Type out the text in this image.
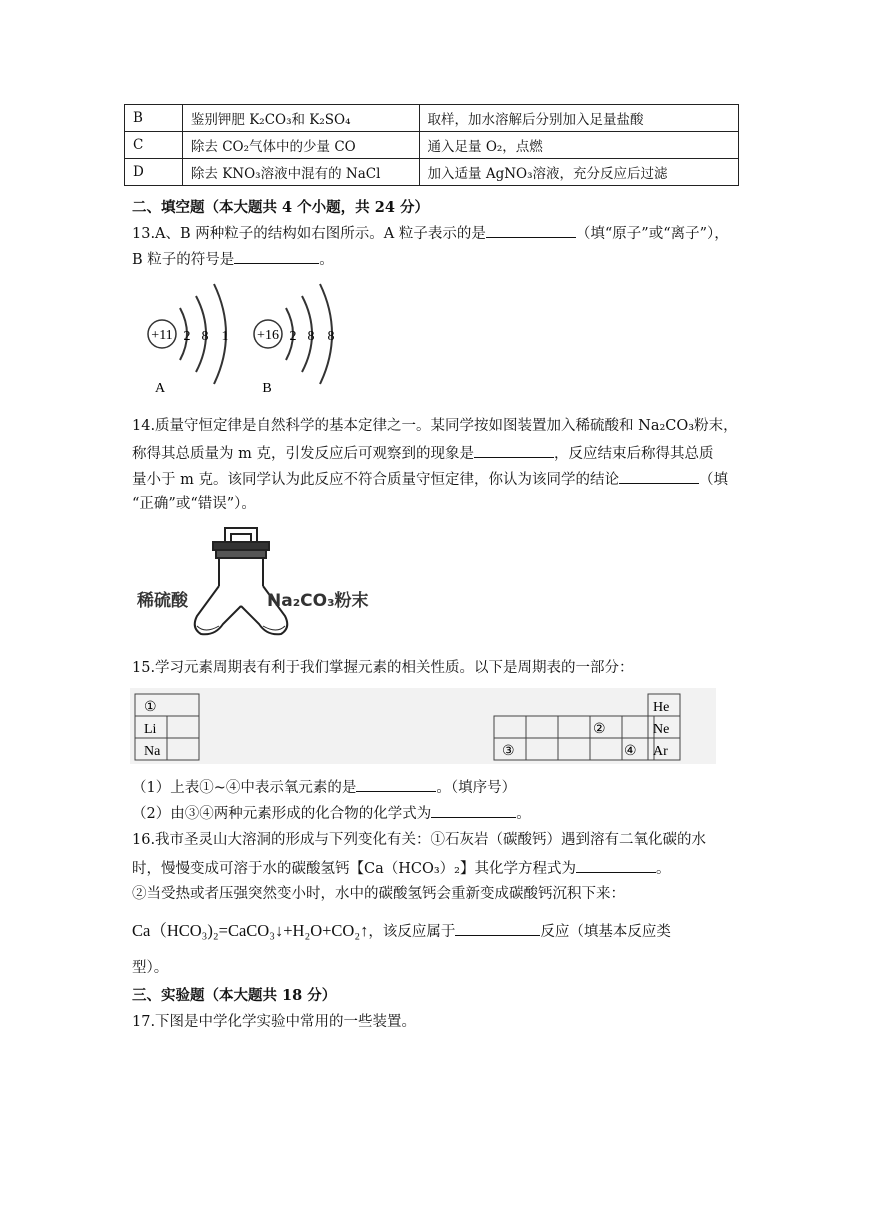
B	鉴别钾肥 K₂CO₃和 K₂SO₄	取样，加水溶解后分别加入足量盐酸
C	除去 CO₂气体中的少量 CO	通入足量 O₂，点燃
D	除去 KNO₃溶液中混有的 NaCl	加入适量 AgNO₃溶液，充分反应后过滤
二、填空题（本大题共 4 个小题，共 24 分）
13.A、B 两种粒子的结构如右图所示。A 粒子表示的是	（填“原子”或“离子”），
B 粒子的符号是	。
+11 2 8 1
A
+16 2 8 8
B
14.质量守恒定律是自然科学的基本定律之一。某同学按如图装置加入稀硫酸和 Na₂CO₃粉末，
称得其总质量为 m 克，引发反应后可观察到的现象是	，反应结束后称得其总质
量小于 m 克。该同学认为此反应不符合质量守恒定律，你认为该同学的结论	（填
“正确”或“错误”）。
稀硫酸	Na₂CO₃粉末
15.学习元素周期表有利于我们掌握元素的相关性质。以下是周期表的一部分：
①
Li
Na
②
③	④
He
Ne
Ar
（1）上表①~④中表示氧元素的是	。（填序号）
（2）由③④两种元素形成的化合物的化学式为	。
16.我市圣灵山大溶洞的形成与下列变化有关：①石灰岩（碳酸钙）遇到溶有二氧化碳的水
时，慢慢变成可溶于水的碳酸氢钙【Ca（HCO₃）₂】其化学方程式为	。
②当受热或者压强突然变小时，水中的碳酸氢钙会重新变成碳酸钙沉积下来：
Ca（HCO₃)₂=CaCO₃↓+H₂O+CO₂↑，该反应属于	反应（填基本反应类
型）。
三、实验题（本大题共 18 分）
17.下图是中学化学实验中常用的一些装置。
